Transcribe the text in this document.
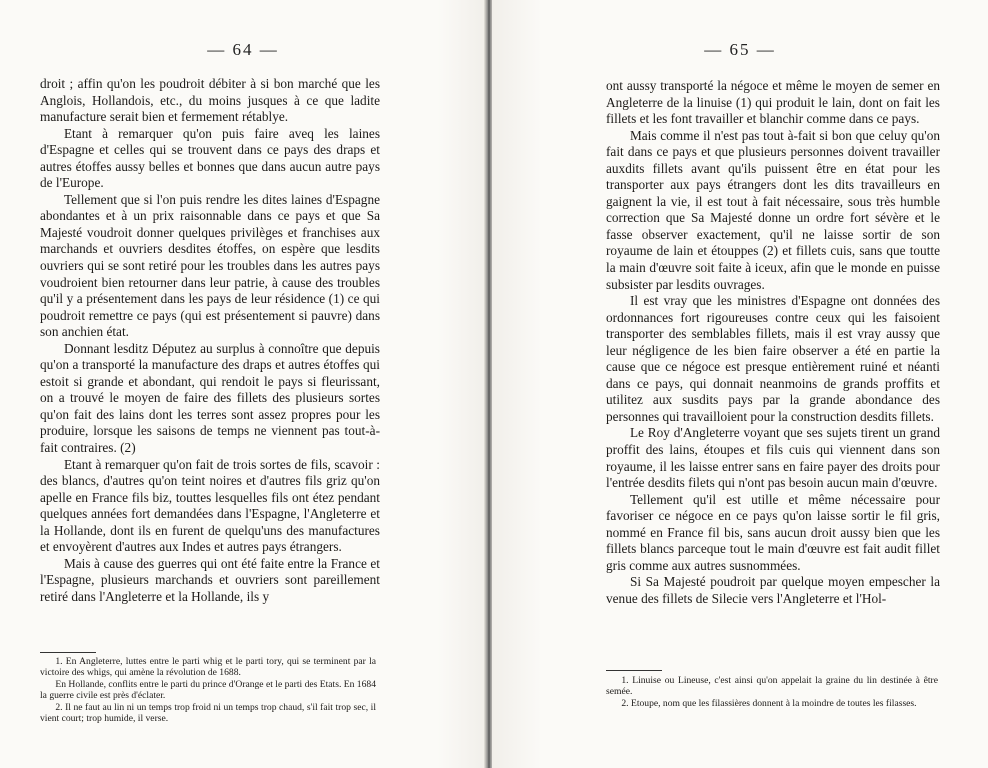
— 64 —

droit ; affin qu'on les poudroit débiter à si bon marché que les Anglois, Hollandois, etc., du moins jusques à ce que ladite manufacture serait bien et fermement rétablye.

Etant à remarquer qu'on puis faire aveq les laines d'Espagne et celles qui se trouvent dans ce pays des draps et autres étoffes aussy belles et bonnes que dans aucun autre pays de l'Europe.

Tellement que si l'on puis rendre les dites laines d'Espagne abondantes et à un prix raisonnable dans ce pays et que Sa Majesté voudroit donner quelques privilèges et franchises aux marchands et ouvriers desdites étoffes, on espère que lesdits ouvriers qui se sont retiré pour les troubles dans les autres pays voudroient bien retourner dans leur patrie, à cause des troubles qu'il y a présentement dans les pays de leur résidence (1) ce qui poudroit remettre ce pays (qui est présentement si pauvre) dans son anchien état.

Donnant lesditz Députez au surplus à connoître que depuis qu'on a transporté la manufacture des draps et autres étoffes qui estoit si grande et abondant, qui rendoit le pays si fleurissant, on a trouvé le moyen de faire des fillets des plusieurs sortes qu'on fait des lains dont les terres sont assez propres pour les produire, lorsque les saisons de temps ne viennent pas tout-à-fait contraires. (2)

Etant à remarquer qu'on fait de trois sortes de fils, scavoir : des blancs, d'autres qu'on teint noires et d'autres fils griz qu'on apelle en France fils biz, touttes lesquelles fils ont étez pendant quelques années fort demandées dans l'Espagne, l'Angleterre et la Hollande, dont ils en furent de quelqu'uns des manufactures et envoyèrent d'autres aux Indes et autres pays étrangers.

Mais à cause des guerres qui ont été faite entre la France et l'Espagne, plusieurs marchands et ouvriers sont pareillement retiré dans l'Angleterre et la Hollande, ils y

1. En Angleterre, luttes entre le parti whig et le parti tory, qui se terminent par la victoire des whigs, qui amène la révolution de 1688.

En Hollande, conflits entre le parti du prince d'Orange et le parti des Etats. En 1684 la guerre civile est près d'éclater.

2. Il ne faut au lin ni un temps trop froid ni un temps trop chaud, s'il fait trop sec, il vient court; trop humide, il verse.

— 65 —

ont aussy transporté la négoce et même le moyen de semer en Angleterre de la linuise (1) qui produit le lain, dont on fait les fillets et les font travailler et blanchir comme dans ce pays.

Mais comme il n'est pas tout à-fait si bon que celuy qu'on fait dans ce pays et que plusieurs personnes doivent travailler auxdits fillets avant qu'ils puissent être en état pour les transporter aux pays étrangers dont les dits travailleurs en gaignent la vie, il est tout à fait nécessaire, sous très humble correction que Sa Majesté donne un ordre fort sévère et le fasse observer exactement, qu'il ne laisse sortir de son royaume de lain et étouppes (2) et fillets cuis, sans que toutte la main d'œuvre soit faite à iceux, afin que le monde en puisse subsister par lesdits ouvrages.

Il est vray que les ministres d'Espagne ont données des ordonnances fort rigoureuses contre ceux qui les faisoient transporter des semblables fillets, mais il est vray aussy que leur négligence de les bien faire observer a été en partie la cause que ce négoce est presque entièrement ruiné et néanti dans ce pays, qui donnait neanmoins de grands proffits et utilitez aux susdits pays par la grande abondance des personnes qui travailloient pour la construction desdits fillets.

Le Roy d'Angleterre voyant que ses sujets tirent un grand proffit des lains, étoupes et fils cuis qui viennent dans son royaume, il les laisse entrer sans en faire payer des droits pour l'entrée desdits filets qui n'ont pas besoin aucun main d'œuvre.

Tellement qu'il est utille et même nécessaire pour favoriser ce négoce en ce pays qu'on laisse sortir le fil gris, nommé en France fil bis, sans aucun droit aussy bien que les fillets blancs parceque tout le main d'œuvre est fait audit fillet gris comme aux autres susnommées.

Si Sa Majesté poudroit par quelque moyen empescher la venue des fillets de Silecie vers l'Angleterre et l'Hol-

1. Linuise ou Lineuse, c'est ainsi qu'on appelait la graine du lin destinée à être semée.

2. Etoupe, nom que les filassières donnent à la moindre de toutes les filasses.
